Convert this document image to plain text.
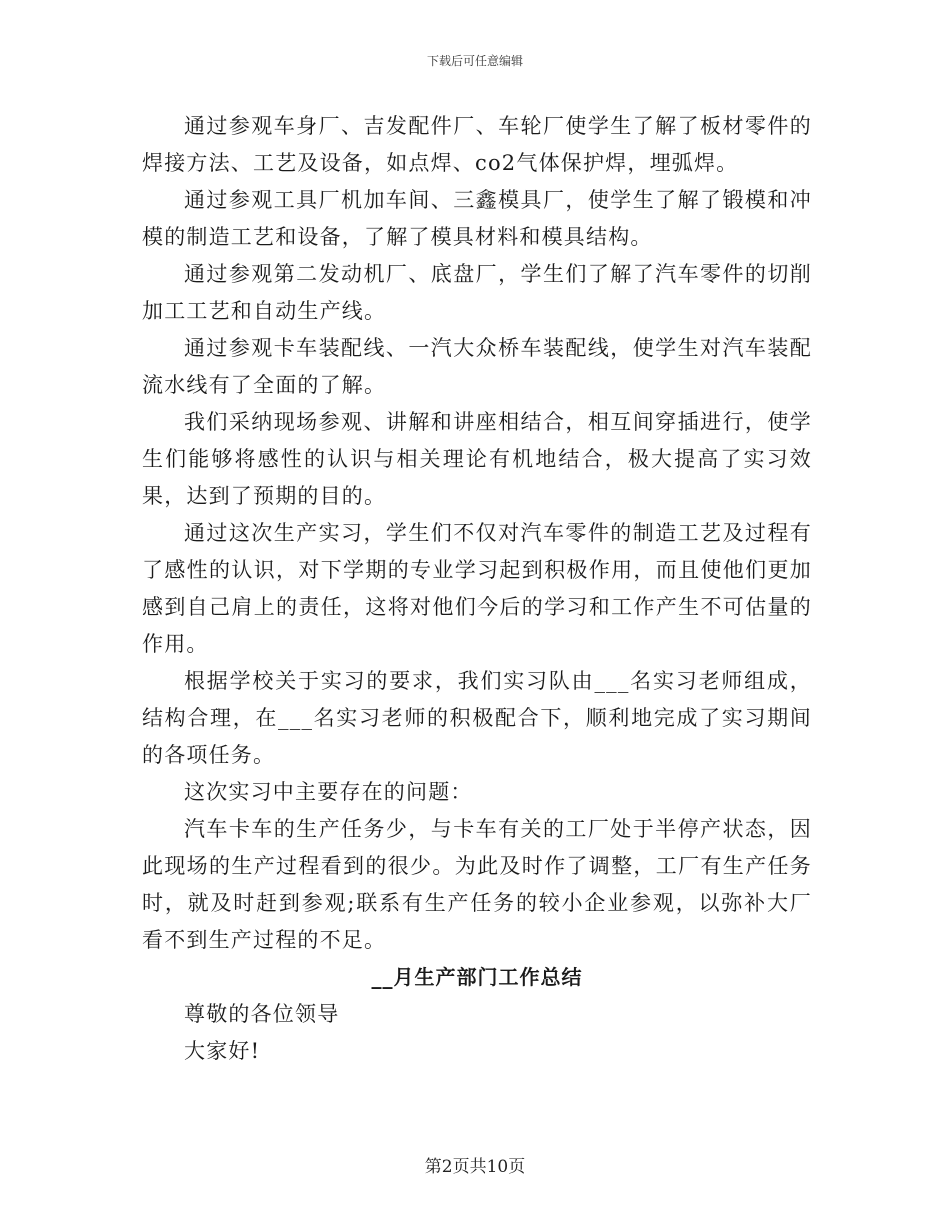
下载后可任意编辑

通过参观车身厂、吉发配件厂、车轮厂使学生了解了板材零件的焊接方法、工艺及设备，如点焊、co2气体保护焊，埋弧焊。

通过参观工具厂机加车间、三鑫模具厂，使学生了解了锻模和冲模的制造工艺和设备，了解了模具材料和模具结构。

通过参观第二发动机厂、底盘厂，学生们了解了汽车零件的切削加工工艺和自动生产线。

通过参观卡车装配线、一汽大众桥车装配线，使学生对汽车装配流水线有了全面的了解。

我们采纳现场参观、讲解和讲座相结合，相互间穿插进行，使学生们能够将感性的认识与相关理论有机地结合，极大提高了实习效果，达到了预期的目的。

通过这次生产实习，学生们不仅对汽车零件的制造工艺及过程有了感性的认识，对下学期的专业学习起到积极作用，而且使他们更加感到自己肩上的责任，这将对他们今后的学习和工作产生不可估量的作用。

根据学校关于实习的要求，我们实习队由___名实习老师组成，结构合理，在___名实习老师的积极配合下，顺利地完成了实习期间的各项任务。

这次实习中主要存在的问题：

汽车卡车的生产任务少，与卡车有关的工厂处于半停产状态，因此现场的生产过程看到的很少。为此及时作了调整，工厂有生产任务时，就及时赶到参观;联系有生产任务的较小企业参观，以弥补大厂看不到生产过程的不足。

__月生产部门工作总结

尊敬的各位领导

大家好!

第2页共10页
